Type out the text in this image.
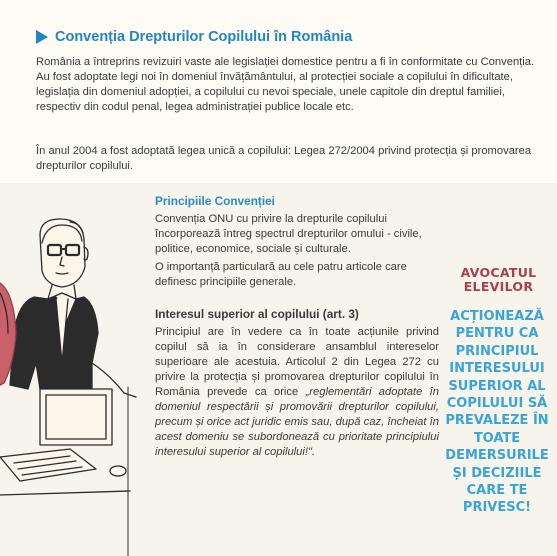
Convenția Drepturilor Copilului în România
România a întreprins revizuiri vaste ale legislației domestice pentru a fi în conformitate cu Convenția. Au fost adoptate legi noi în domeniul învățământului, al protecției sociale a copilului în dificultate, legislația din domeniul adopției, a copilului cu nevoi speciale, unele capitole din dreptul familiei, respectiv din codul penal, legea administrației publice locale etc.
În anul 2004 a fost adoptată legea unică a copilului: Legea 272/2004 privind protecția și promovarea drepturilor copilului.
Principiile Convenției
Convenția ONU cu privire la drepturile copilului încorporează întreg spectrul drepturilor omului - civile, politice, economice, sociale și culturale.
O importanță particulară au cele patru articole care definesc principiile generale.
Interesul superior al copilului (art. 3)
Principiul are în vedere ca în toate acțiunile privind copilul să ia în considerare ansamblul intereselor superioare ale acestuia. Articolul 2 din Legea 272 cu privire la protecția și promovarea drepturilor copilului în România prevede ca orice „reglementări adoptate în domeniul respectării și promovării drepturilor copilului, precum și orice act juridic emis sau, după caz, încheiat în acest domeniu se subordonează cu prioritate principiului interesului superior al copilului!".
AVOCATUL ELEVILOR
ACȚIONEAZĂ PENTRU CA PRINCIPIUL INTERESULUI SUPERIOR AL COPILULUI SĂ PREVALEZE ÎN TOATE DEMERSURILE ȘI DECIZIILE CARE TE PRIVESC!
